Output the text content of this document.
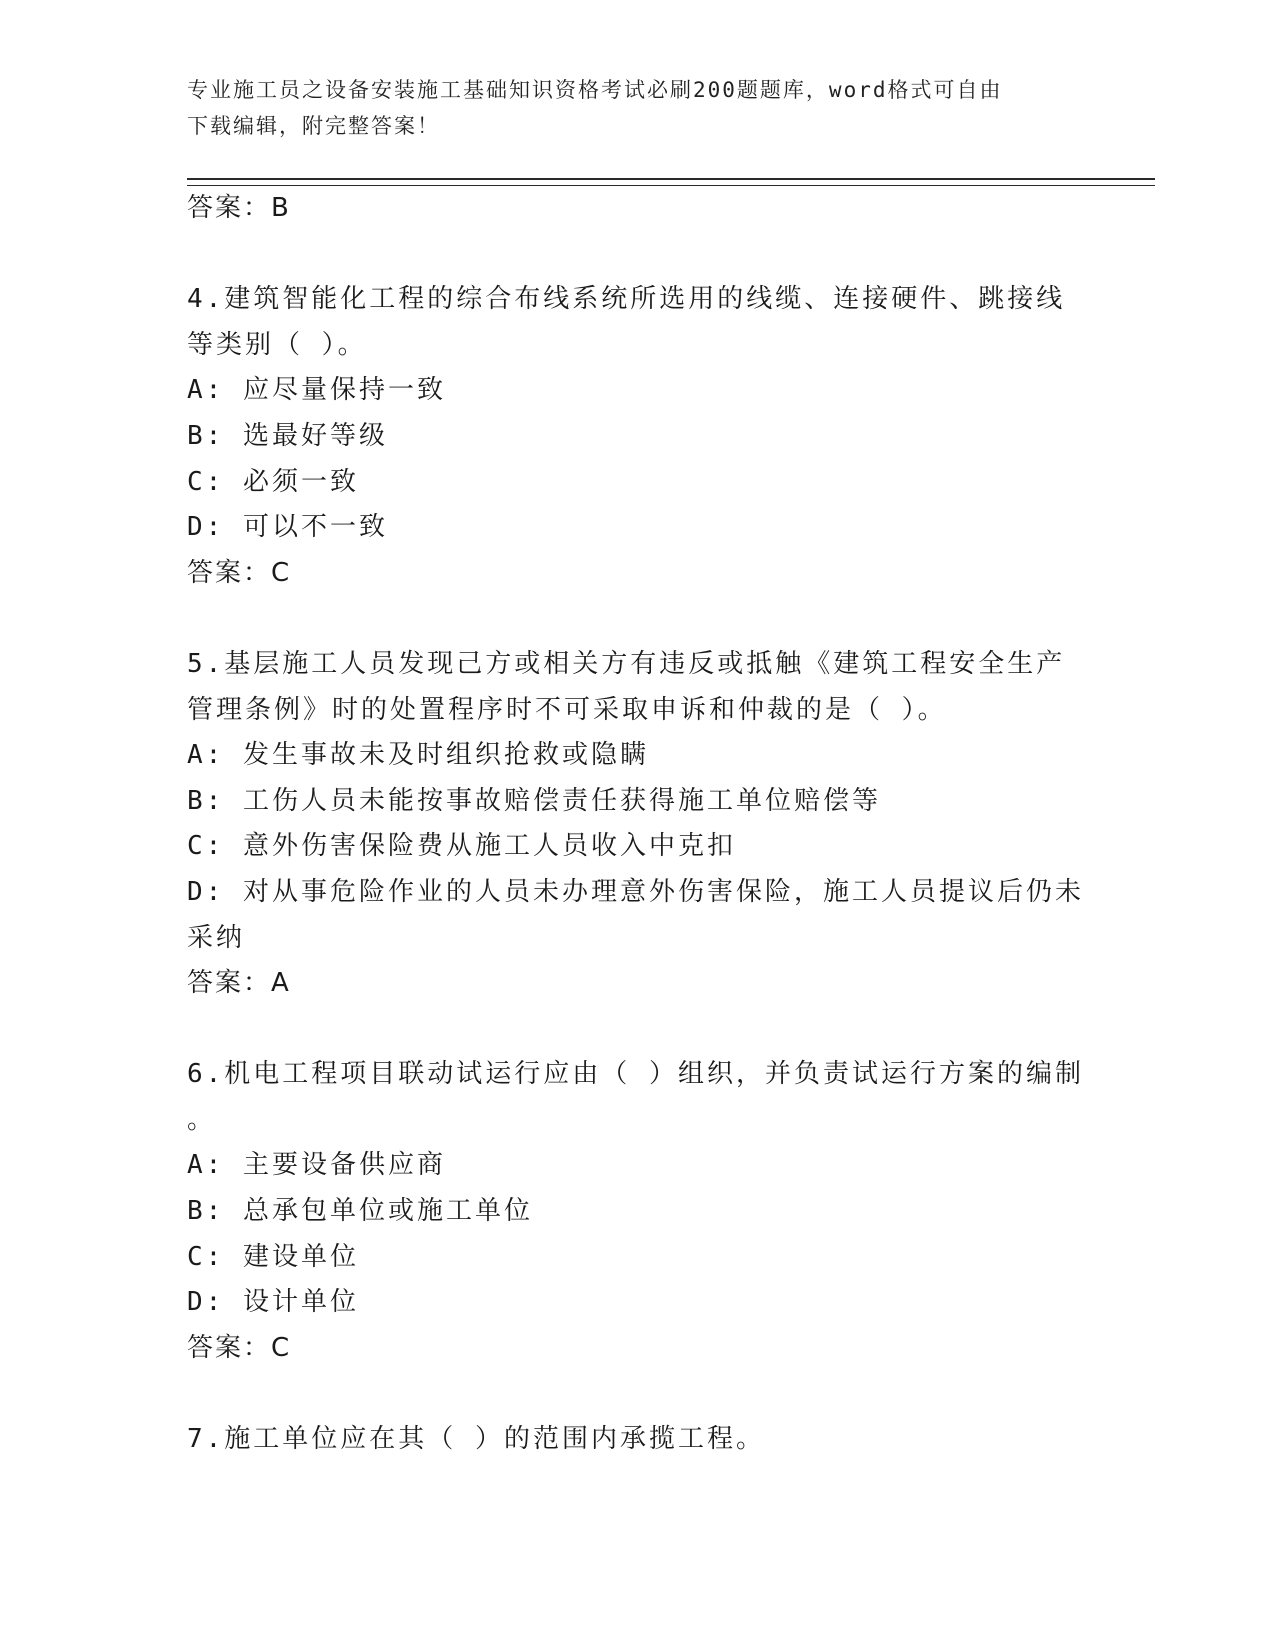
专业施工员之设备安装施工基础知识资格考试必刷200题题库，word格式可自由
下载编辑，附完整答案！
答案：B
4.建筑智能化工程的综合布线系统所选用的线缆、连接硬件、跳接线
等类别（ ）。
A: 应尽量保持一致
B: 选最好等级
C: 必须一致
D: 可以不一致
答案：C
5.基层施工人员发现己方或相关方有违反或抵触《建筑工程安全生产
管理条例》时的处置程序时不可采取申诉和仲裁的是（ ）。
A: 发生事故未及时组织抢救或隐瞒
B: 工伤人员未能按事故赔偿责任获得施工单位赔偿等
C: 意外伤害保险费从施工人员收入中克扣
D: 对从事危险作业的人员未办理意外伤害保险，施工人员提议后仍未
采纳
答案：A
6.机电工程项目联动试运行应由（ ）组织，并负责试运行方案的编制
。
A: 主要设备供应商
B: 总承包单位或施工单位
C: 建设单位
D: 设计单位
答案：C
7.施工单位应在其（ ）的范围内承揽工程。
